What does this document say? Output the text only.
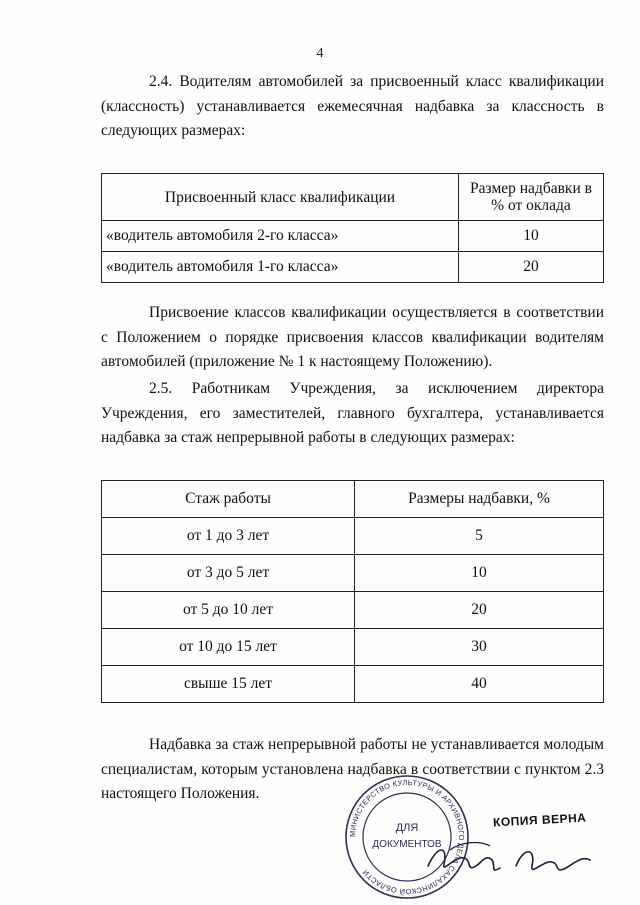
4

2.4. Водителям автомобилей за присвоенный класс квалификации (классность) устанавливается ежемесячная надбавка за классность в следующих размерах:

Присвоенный класс квалификации	Размер надбавки в % от оклада
«водитель автомобиля 2-го класса»	10
«водитель автомобиля 1-го класса»	20

Присвоение классов квалификации осуществляется в соответствии с Положением о порядке присвоения классов квалификации водителям автомобилей (приложение № 1 к настоящему Положению).

2.5. Работникам Учреждения, за исключением директора Учреждения, его заместителей, главного бухгалтера, устанавливается надбавка за стаж непрерывной работы в следующих размерах:

Стаж работы	Размеры надбавки, %
от 1 до 3 лет	5
от 3 до 5 лет	10
от 5 до 10 лет	20
от 10 до 15 лет	30
свыше 15 лет	40

Надбавка за стаж непрерывной работы не устанавливается молодым специалистам, которым установлена надбавка в соответствии с пунктом 2.3 настоящего Положения.

МИНИСТЕРСТВО КУЛЬТУРЫ И АРХИВНОГО ДЕЛА САХАЛИНСКОЙ ОБЛАСТИ
ДЛЯ
ДОКУМЕНТОВ
КОПИЯ ВЕРНА
